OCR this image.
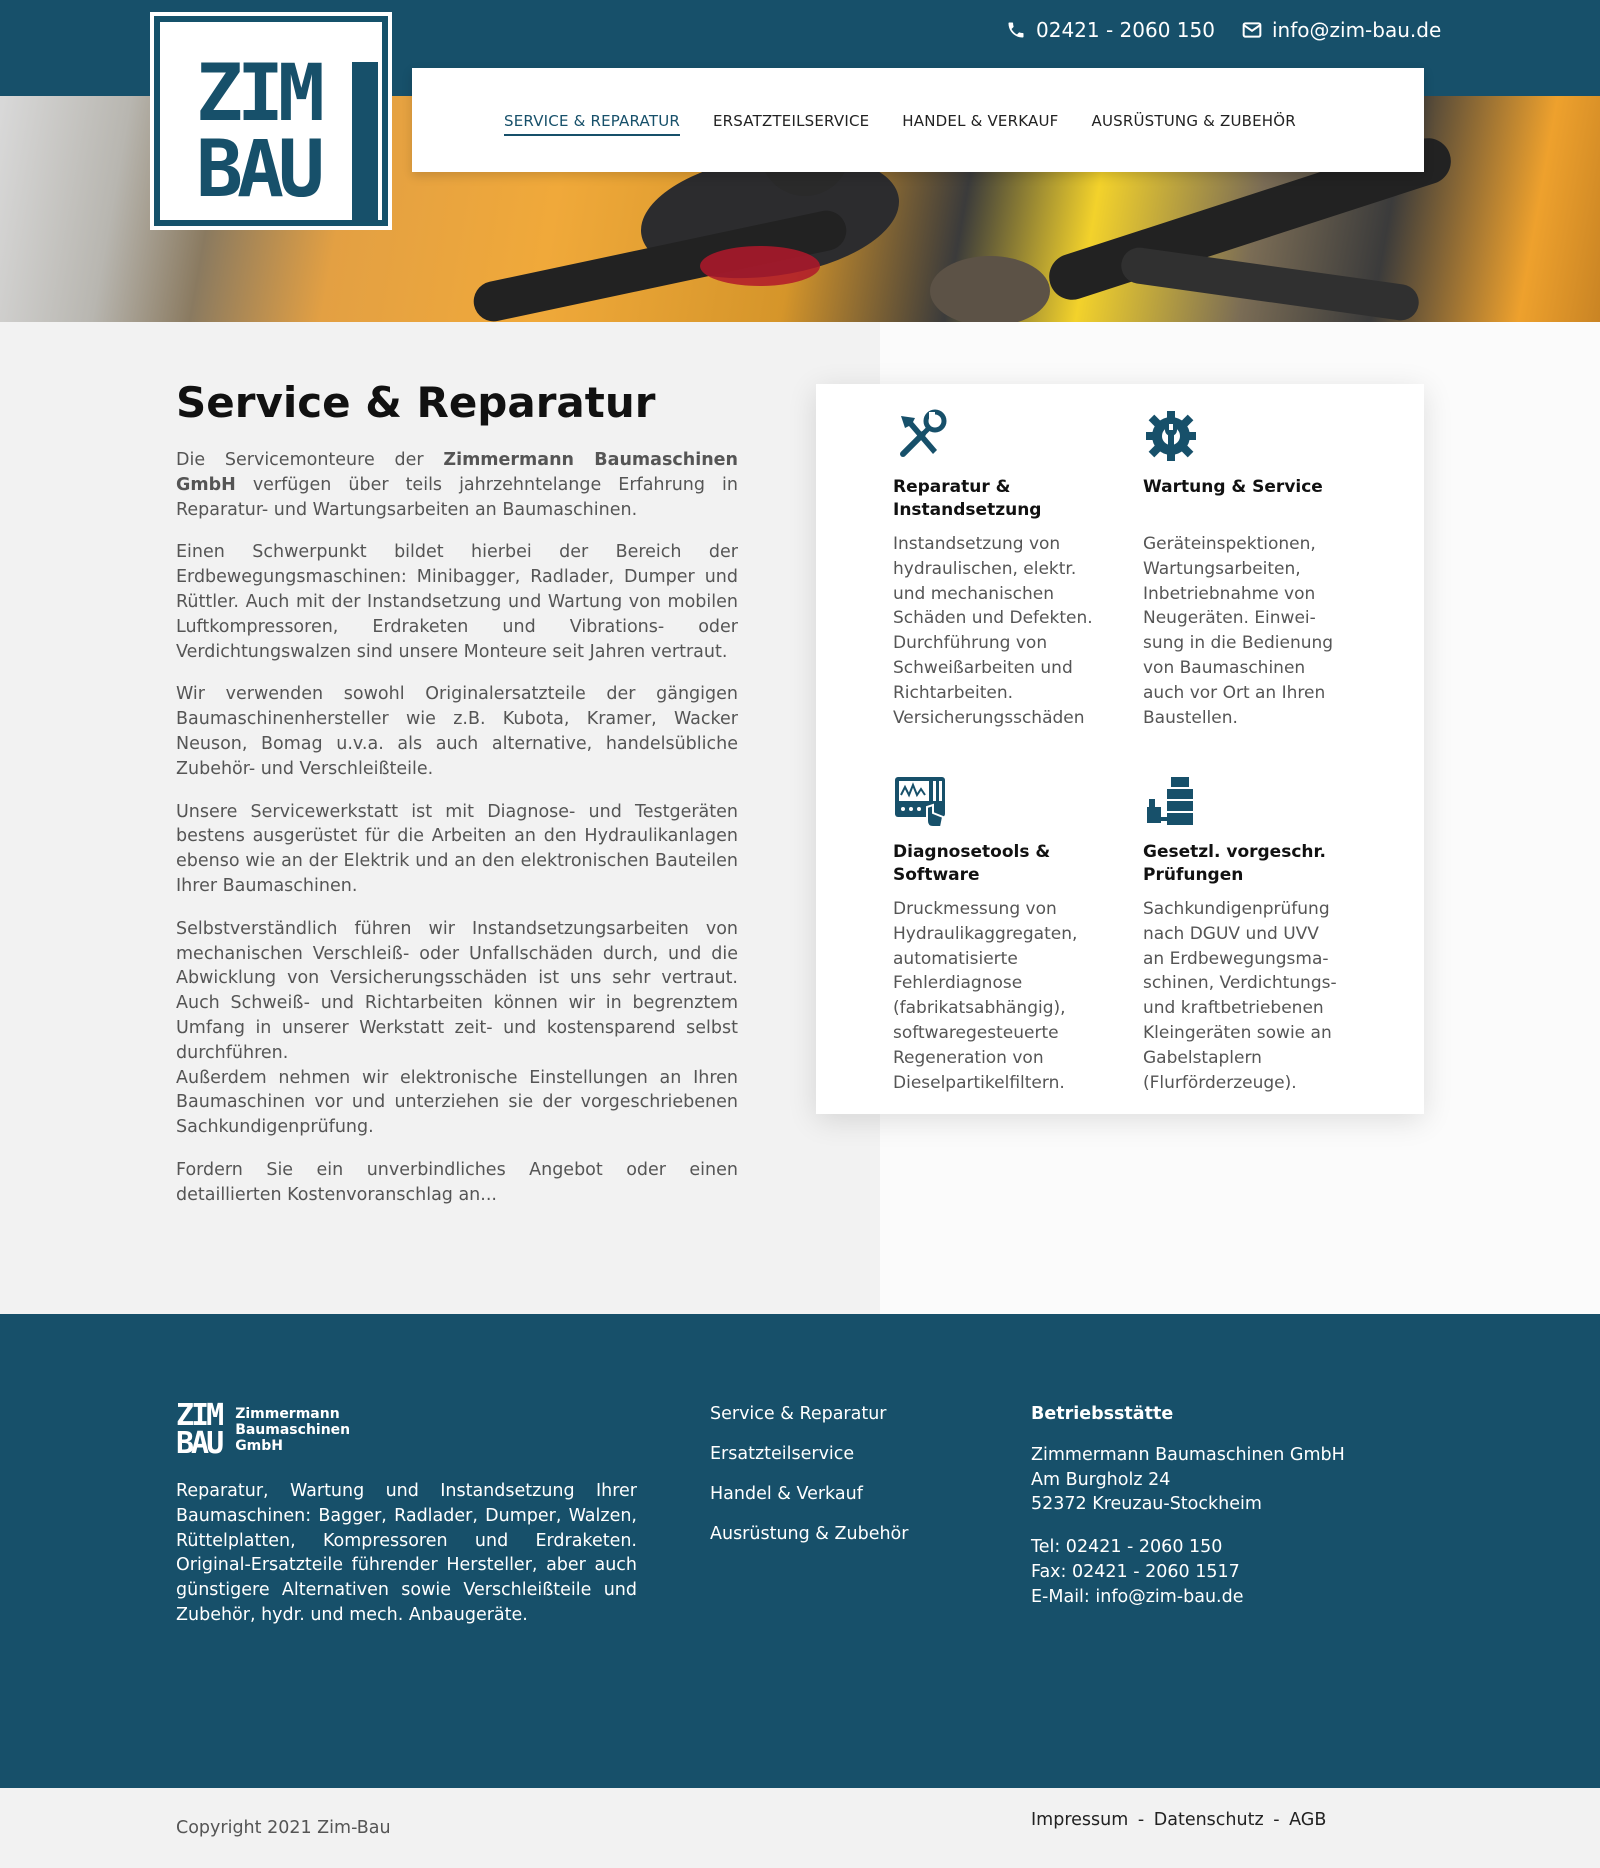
02421 - 2060 150	info@zim-bau.de
ZIM
BAU
SERVICE & REPARATUR ERSATZTEILSERVICE HANDEL & VERKAUF AUSRÜSTUNG & ZUBEHÖR
Service & Reparatur

Die Servicemonteure der Zimmermann Baumaschinen GmbH verfügen über teils jahrzehntelange Erfahrung in Reparatur- und Wartungsarbeiten an Baumaschinen.

Einen Schwerpunkt bildet hierbei der Bereich der Erdbewegungsmaschinen: Minibagger, Radlader, Dumper und Rüttler. Auch mit der Instandsetzung und Wartung von mobilen Luftkompressoren, Erdraketen und Vibrations- oder Verdichtungswalzen sind unsere Monteure seit Jahren vertraut.

Wir verwenden sowohl Originalersatzteile der gängigen Baumaschinenhersteller wie z.B. Kubota, Kramer, Wacker Neuson, Bomag u.v.a. als auch alternative, handelsübliche Zubehör- und Verschleißteile.

Unsere Servicewerkstatt ist mit Diagnose- und Testgeräten bestens ausgerüstet für die Arbeiten an den Hydraulikanlagen ebenso wie an der Elektrik und an den elektronischen Bauteilen Ihrer Baumaschinen.

Selbstverständlich führen wir Instandsetzungsarbeiten von mechanischen Verschleiß- oder Unfallschäden durch, und die Abwicklung von Versicherungsschäden ist uns sehr vertraut. Auch Schweiß- und Richtarbeiten können wir in begrenztem Umfang in unserer Werkstatt zeit- und kostensparend selbst durchführen.

Außerdem nehmen wir elektronische Einstellungen an Ihren Baumaschinen vor und unterziehen sie der vorgeschriebenen Sachkundigenprüfung.

Fordern Sie ein unverbindliches Angebot oder einen detaillierten Kostenvoranschlag an...

Reparatur & Instandsetzung
Instandsetzung von hydraulischen, elektr. und mechanischen Schäden und Defekten. Durchführung von Schweißarbeiten und Richtarbeiten. Versicherungsschäden
Wartung & Service
Geräteinspektionen, Wartungsarbeiten, Inbetriebnahme von Neugeräten. Einwei-sung in die Bedienung von Baumaschinen auch vor Ort an Ihren Baustellen.
Diagnosetools & Software
Druckmessung von Hydraulikaggregaten, automatisierte Fehlerdiagnose (fabrikatsabhängig), softwaregesteuerte Regeneration von Dieselpartikelfiltern.
Gesetzl. vorgeschr. Prüfungen
Sachkundigenprüfung nach DGUV und UVV an Erdbewegungsma-schinen, Verdichtungs- und kraftbetriebenen Kleingeräten sowie an Gabelstaplern (Flurförderzeuge).
ZIM
BAU
Zimmermann
Baumaschinen
GmbH
Reparatur, Wartung und Instandsetzung Ihrer Baumaschinen: Bagger, Radlader, Dumper, Walzen, Rüttelplatten, Kompressoren und Erdraketen. Original-Ersatzteile führender Hersteller, aber auch günstigere Alternativen sowie Verschleißteile und Zubehör, hydr. und mech. Anbaugeräte.
Service & Reparatur
Ersatzteilservice
Handel & Verkauf
Ausrüstung & Zubehör
Betriebsstätte
Zimmermann Baumaschinen GmbH
Am Burgholz 24
52372 Kreuzau-Stockheim
Tel: 02421 - 2060 150
Fax: 02421 - 2060 1517
E-Mail: info@zim-bau.de
Copyright 2021 Zim-Bau	Impressum - Datenschutz - AGB
